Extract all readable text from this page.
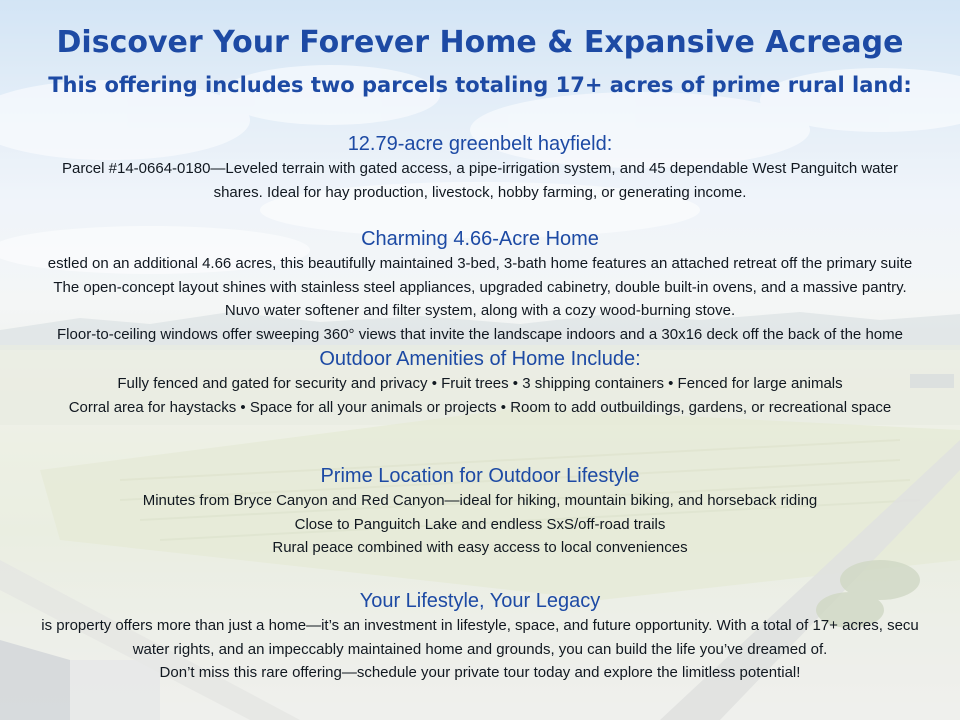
Discover Your Forever Home & Expansive Acreage

This offering includes two parcels totaling 17+ acres of prime rural land:

12.79-acre greenbelt hayfield:

Parcel #14-0664-0180—Leveled terrain with gated access, a pipe-irrigation system, and 45 dependable West Panguitch water

shares. Ideal for hay production, livestock, hobby farming, or generating income.

Charming 4.66-Acre Home

estled on an additional 4.66 acres, this beautifully maintained 3-bed, 3-bath home features an attached retreat off the primary suite

The open-concept layout shines with stainless steel appliances, upgraded cabinetry, double built-in ovens, and a massive pantry.

Nuvo water softener and filter system, along with a cozy wood-burning stove.

Floor-to-ceiling windows offer sweeping 360° views that invite the landscape indoors and a 30x16 deck off the back of the home

Outdoor Amenities of Home Include:

Fully fenced and gated for security and privacy • Fruit trees • 3 shipping containers • Fenced for large animals

Corral area for haystacks • Space for all your animals or projects • Room to add outbuildings, gardens, or recreational space

Prime Location for Outdoor Lifestyle

Minutes from Bryce Canyon and Red Canyon—ideal for hiking, mountain biking, and horseback riding

Close to Panguitch Lake and endless SxS/off-road trails

Rural peace combined with easy access to local conveniences

Your Lifestyle, Your Legacy

is property offers more than just a home—it’s an investment in lifestyle, space, and future opportunity. With a total of 17+ acres, secu

water rights, and an impeccably maintained home and grounds, you can build the life you’ve dreamed of.

Don’t miss this rare offering—schedule your private tour today and explore the limitless potential!
